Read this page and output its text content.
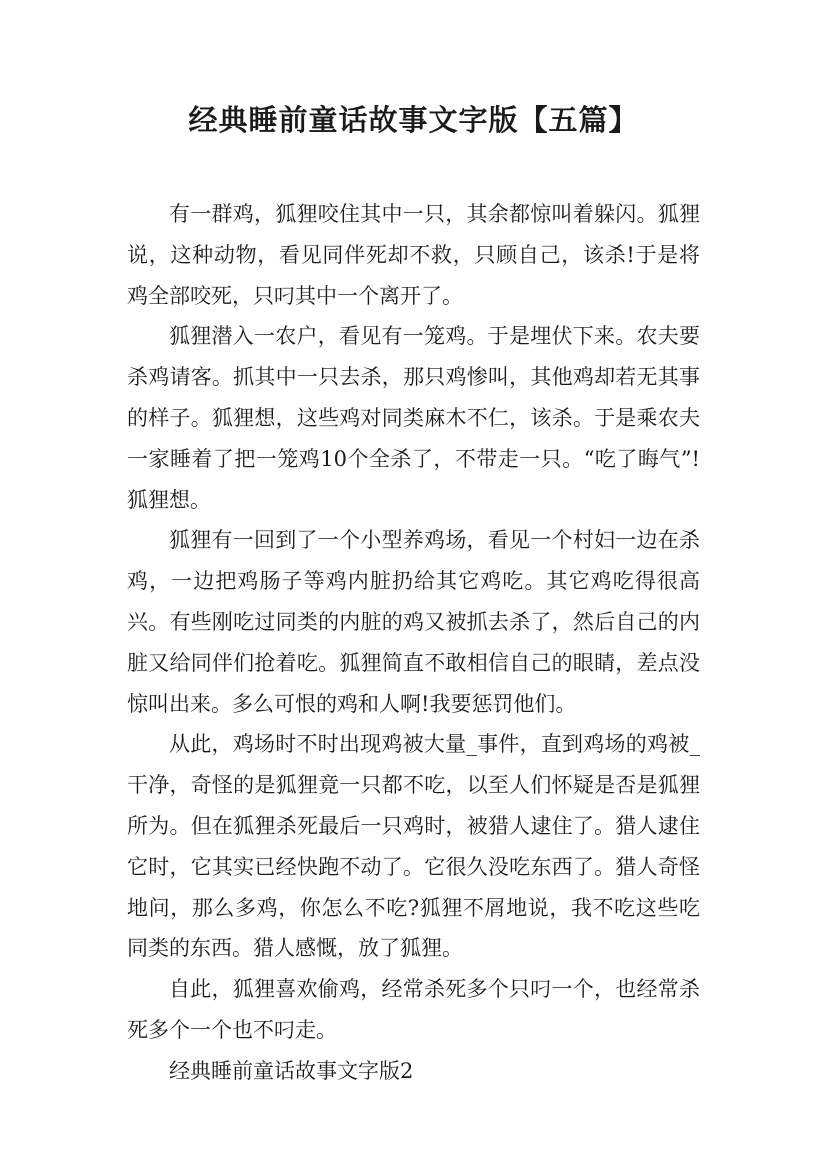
经典睡前童话故事文字版【五篇】

有一群鸡，狐狸咬住其中一只，其余都惊叫着躲闪。狐狸说，这种动物，看见同伴死却不救，只顾自己，该杀!于是将鸡全部咬死，只叼其中一个离开了。

狐狸潜入一农户，看见有一笼鸡。于是埋伏下来。农夫要杀鸡请客。抓其中一只去杀，那只鸡惨叫，其他鸡却若无其事的样子。狐狸想，这些鸡对同类麻木不仁，该杀。于是乘农夫一家睡着了把一笼鸡10个全杀了，不带走一只。“吃了晦气”!狐狸想。

狐狸有一回到了一个小型养鸡场，看见一个村妇一边在杀鸡，一边把鸡肠子等鸡内脏扔给其它鸡吃。其它鸡吃得很高兴。有些刚吃过同类的内脏的鸡又被抓去杀了，然后自己的内脏又给同伴们抢着吃。狐狸简直不敢相信自己的眼睛，差点没惊叫出来。多么可恨的鸡和人啊!我要惩罚他们。

从此，鸡场时不时出现鸡被大量_事件，直到鸡场的鸡被_干净，奇怪的是狐狸竟一只都不吃，以至人们怀疑是否是狐狸所为。但在狐狸杀死最后一只鸡时，被猎人逮住了。猎人逮住它时，它其实已经快跑不动了。它很久没吃东西了。猎人奇怪地问，那么多鸡，你怎么不吃?狐狸不屑地说，我不吃这些吃同类的东西。猎人感慨，放了狐狸。

自此，狐狸喜欢偷鸡，经常杀死多个只叼一个，也经常杀死多个一个也不叼走。

经典睡前童话故事文字版2
